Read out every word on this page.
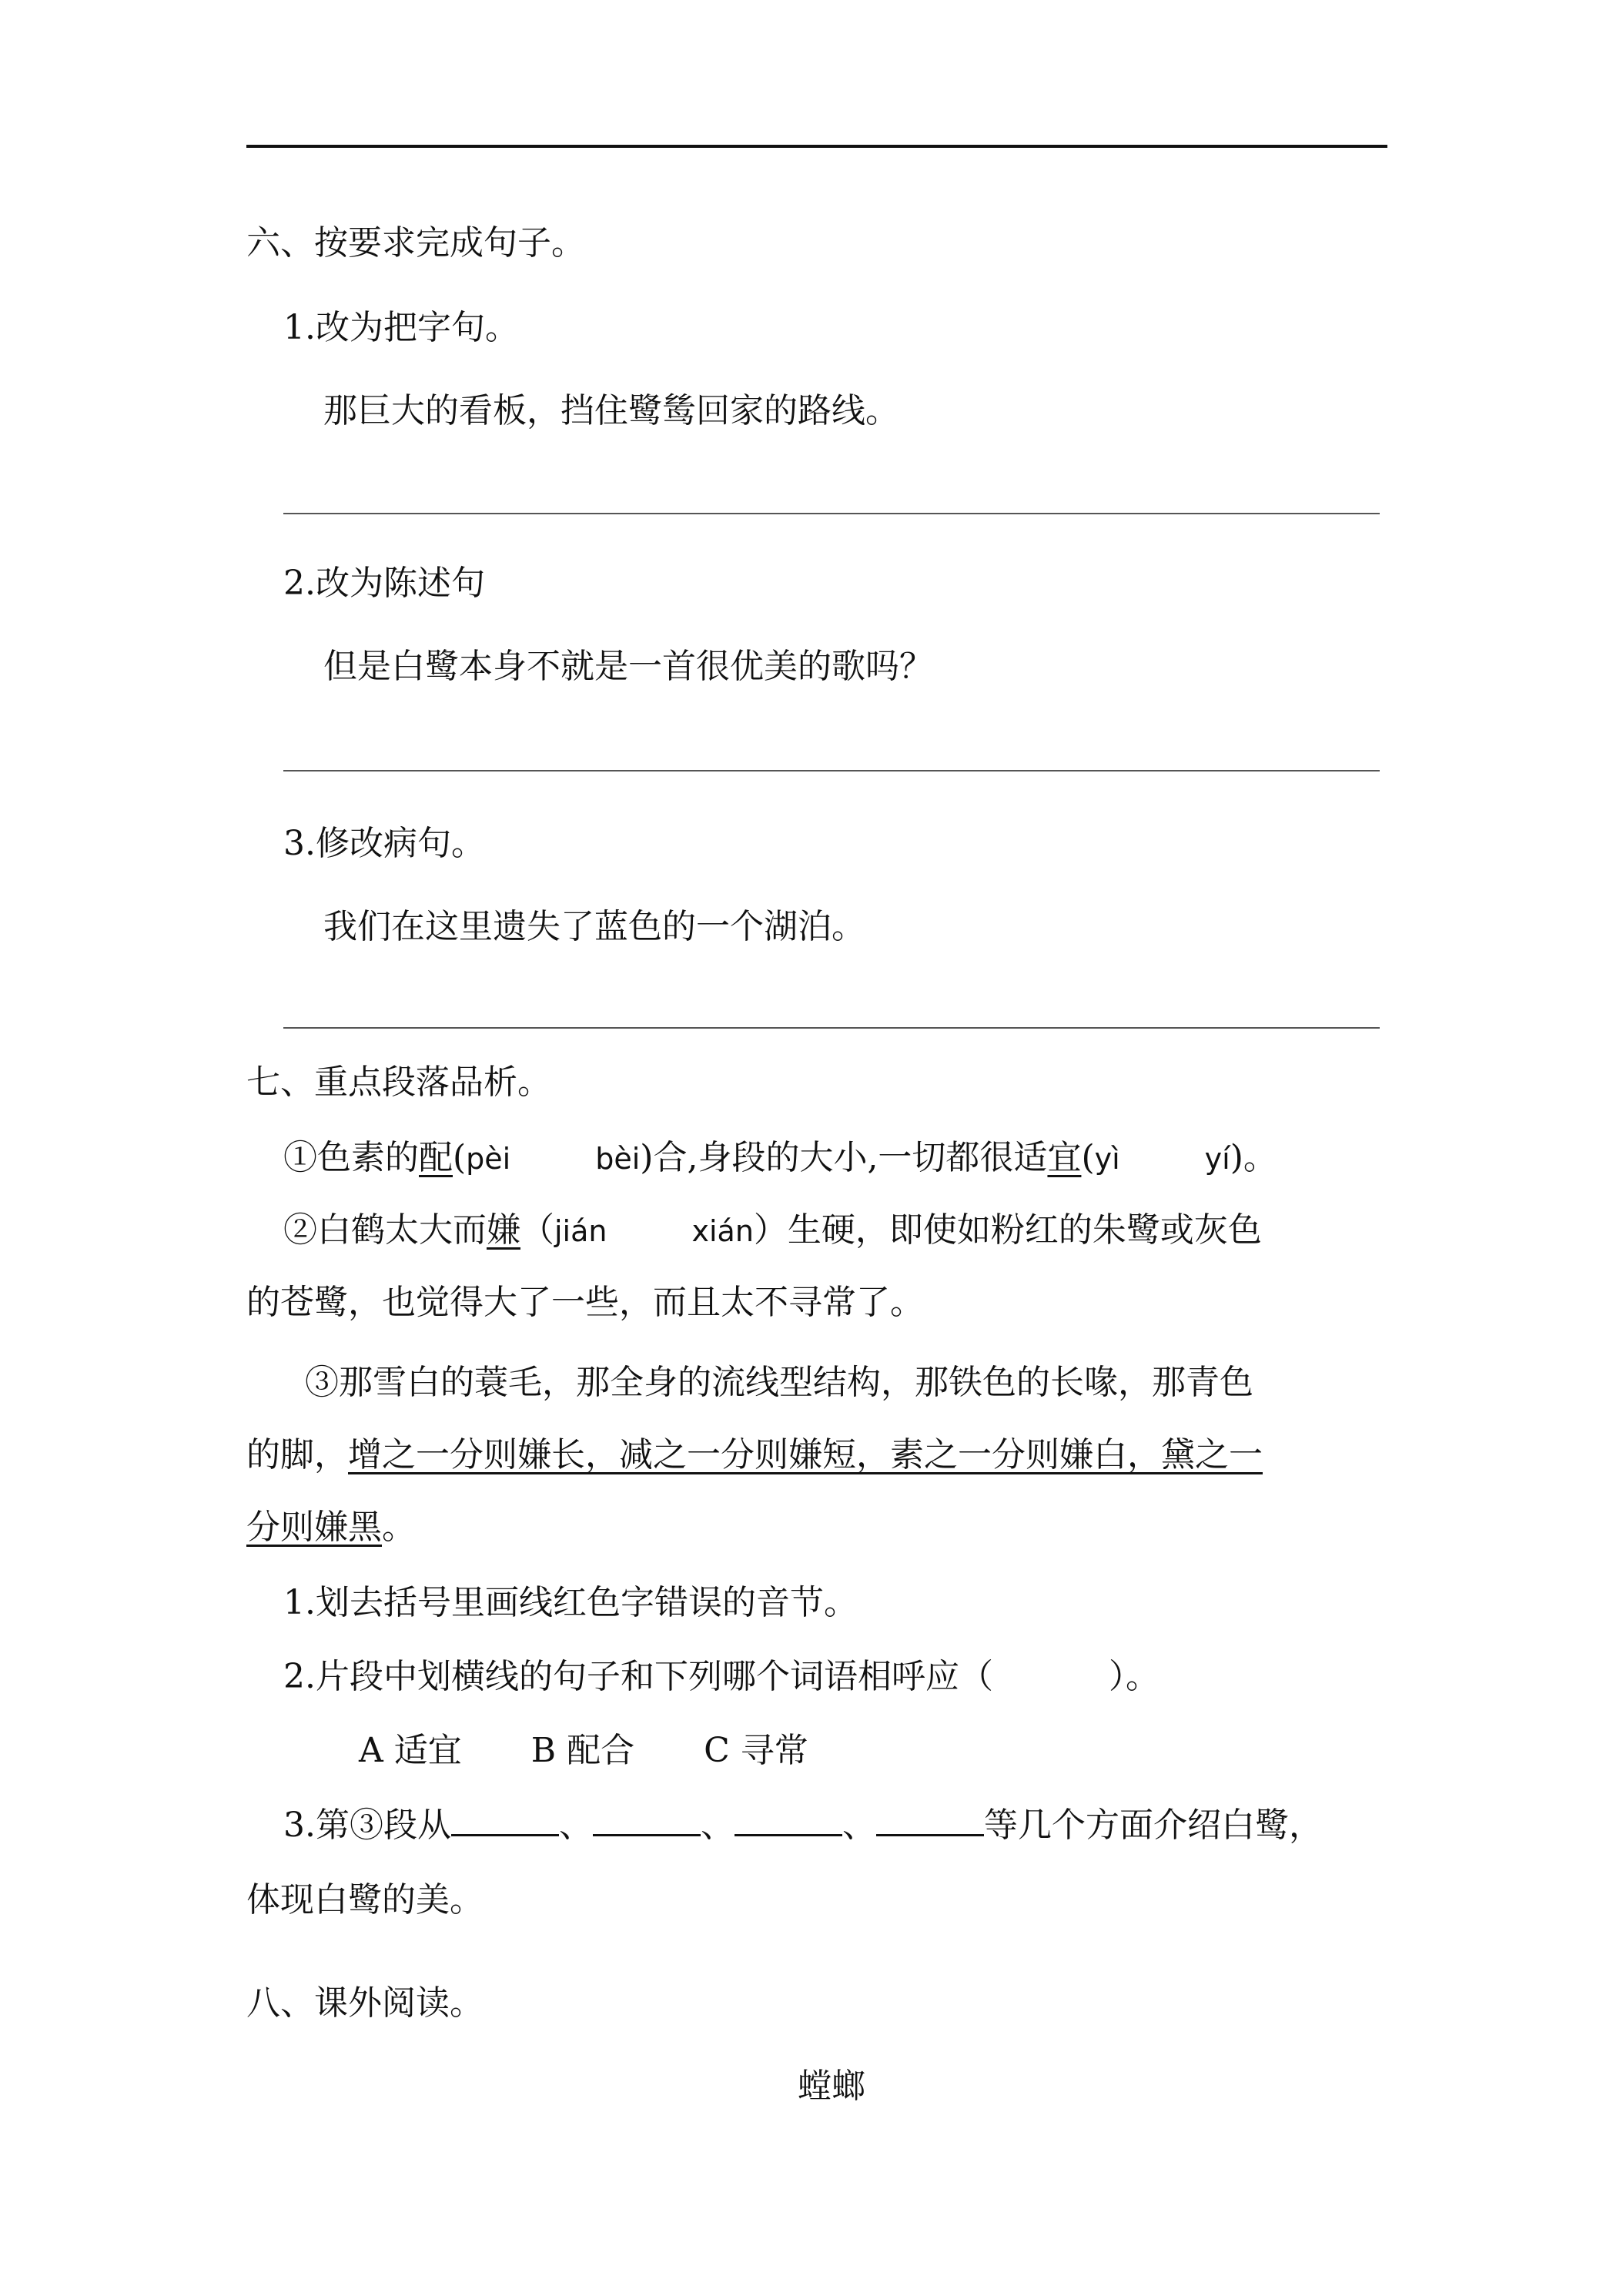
六、按要求完成句子。
1.改为把字句。
那巨大的看板，挡住鹭鸶回家的路线。
2.改为陈述句
但是白鹭本身不就是一首很优美的歌吗？
3.修改病句。
我们在这里遗失了蓝色的一个湖泊。
七、重点段落品析。
①色素的配(pèi	bèi)合,身段的大小,一切都很适宜(yì	yí)。
②白鹤太大而嫌（jián	xián）生硬，即使如粉红的朱鹭或灰色
的苍鹭，也觉得大了一些，而且太不寻常了。
③那雪白的蓑毛，那全身的流线型结构，那铁色的长喙，那青色
的脚，增之一分则嫌长，减之一分则嫌短，素之一分则嫌白，黛之一
分则嫌黑。
1.划去括号里画线红色字错误的音节。
2.片段中划横线的句子和下列哪个词语相呼应（	）。
A 适宜 B 配合 C 寻常
3.第③段从	、	、	、	等几个方面介绍白鹭，
体现白鹭的美。
八、课外阅读。
螳螂
